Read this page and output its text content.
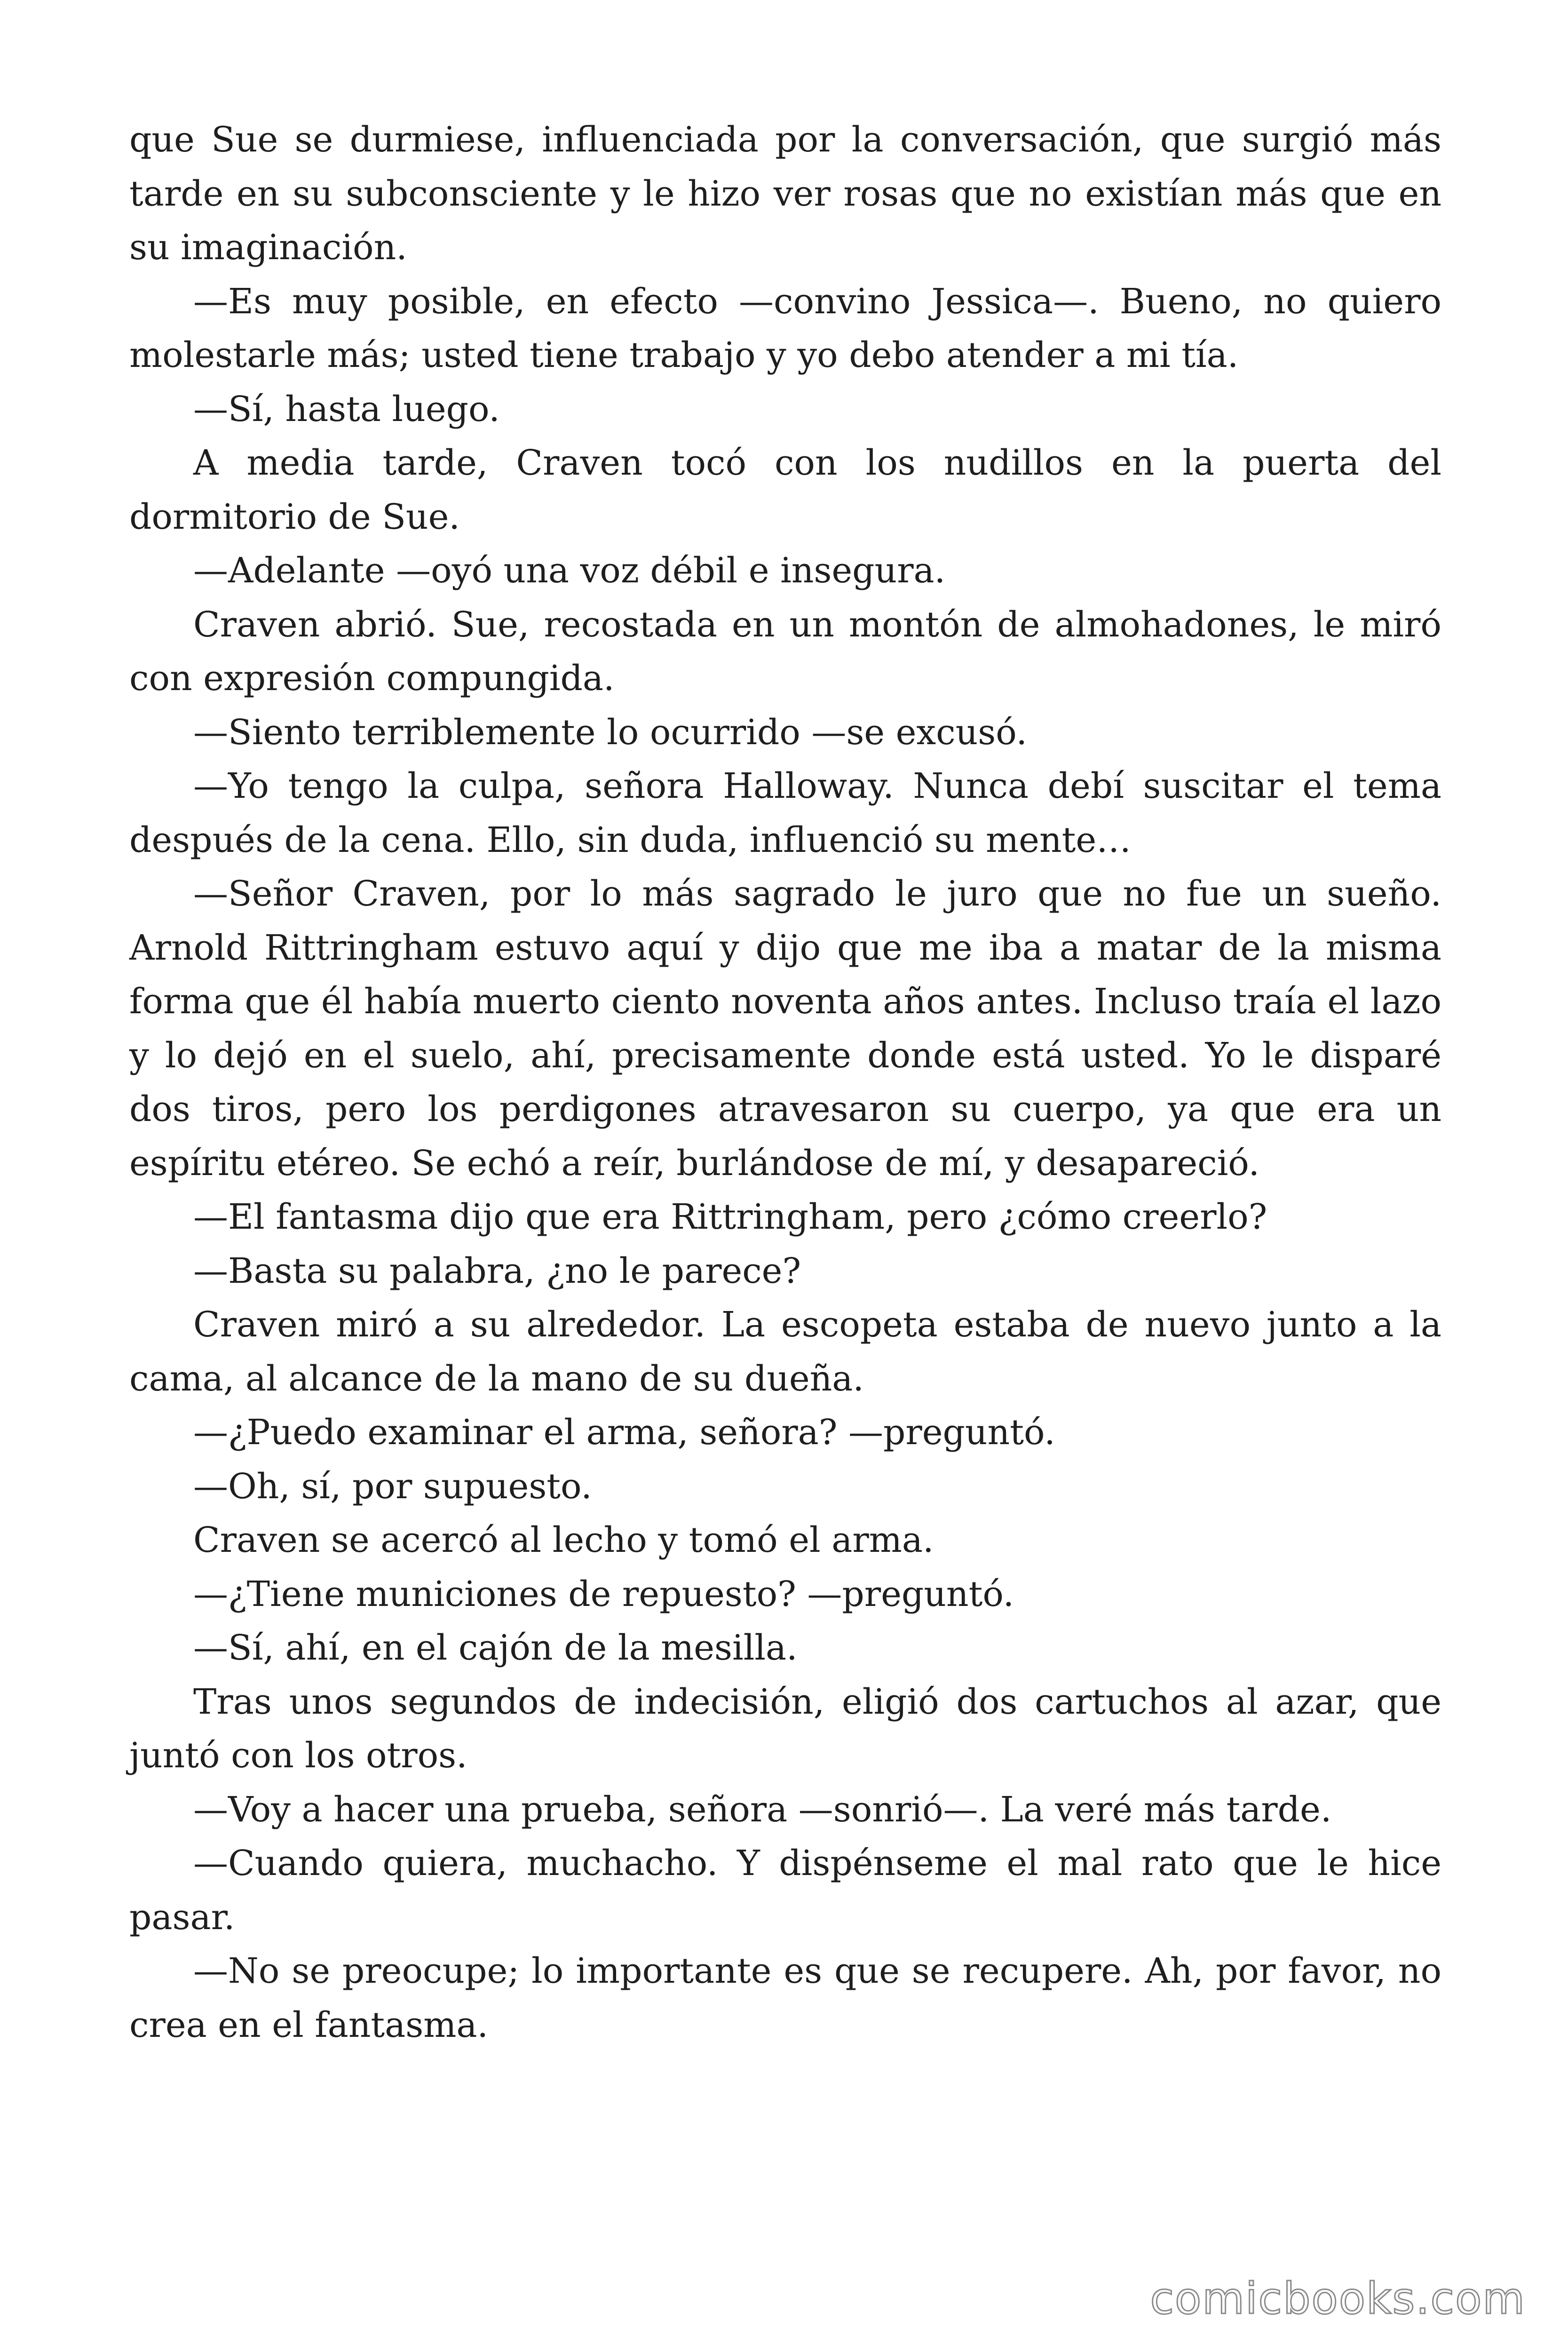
que Sue se durmiese, influenciada por la conversación, que surgió más tarde en su subconsciente y le hizo ver rosas que no existían más que en su imaginación.

—Es muy posible, en efecto —convino Jessica—. Bueno, no quiero molestarle más; usted tiene trabajo y yo debo atender a mi tía.

—Sí, hasta luego.

A media tarde, Craven tocó con los nudillos en la puerta del dormitorio de Sue.

—Adelante —oyó una voz débil e insegura.

Craven abrió. Sue, recostada en un montón de almohadones, le miró con expresión compungida.

—Siento terriblemente lo ocurrido —se excusó.

—Yo tengo la culpa, señora Halloway. Nunca debí suscitar el tema después de la cena. Ello, sin duda, influenció su mente…

—Señor Craven, por lo más sagrado le juro que no fue un sueño. Arnold Rittringham estuvo aquí y dijo que me iba a matar de la misma forma que él había muerto ciento noventa años antes. Incluso traía el lazo y lo dejó en el suelo, ahí, precisamente donde está usted. Yo le disparé dos tiros, pero los perdigones atravesaron su cuerpo, ya que era un espíritu etéreo. Se echó a reír, burlándose de mí, y desapareció.

—El fantasma dijo que era Rittringham, pero ¿cómo creerlo?

—Basta su palabra, ¿no le parece?

Craven miró a su alrededor. La escopeta estaba de nuevo junto a la cama, al alcance de la mano de su dueña.

—¿Puedo examinar el arma, señora? —preguntó.

—Oh, sí, por supuesto.

Craven se acercó al lecho y tomó el arma.

—¿Tiene municiones de repuesto? —preguntó.

—Sí, ahí, en el cajón de la mesilla.

Tras unos segundos de indecisión, eligió dos cartuchos al azar, que juntó con los otros.

—Voy a hacer una prueba, señora —sonrió—. La veré más tarde.

—Cuando quiera, muchacho. Y dispénseme el mal rato que le hice pasar.

—No se preocupe; lo importante es que se recupere. Ah, por favor, no crea en el fantasma.

comicbooks.com
